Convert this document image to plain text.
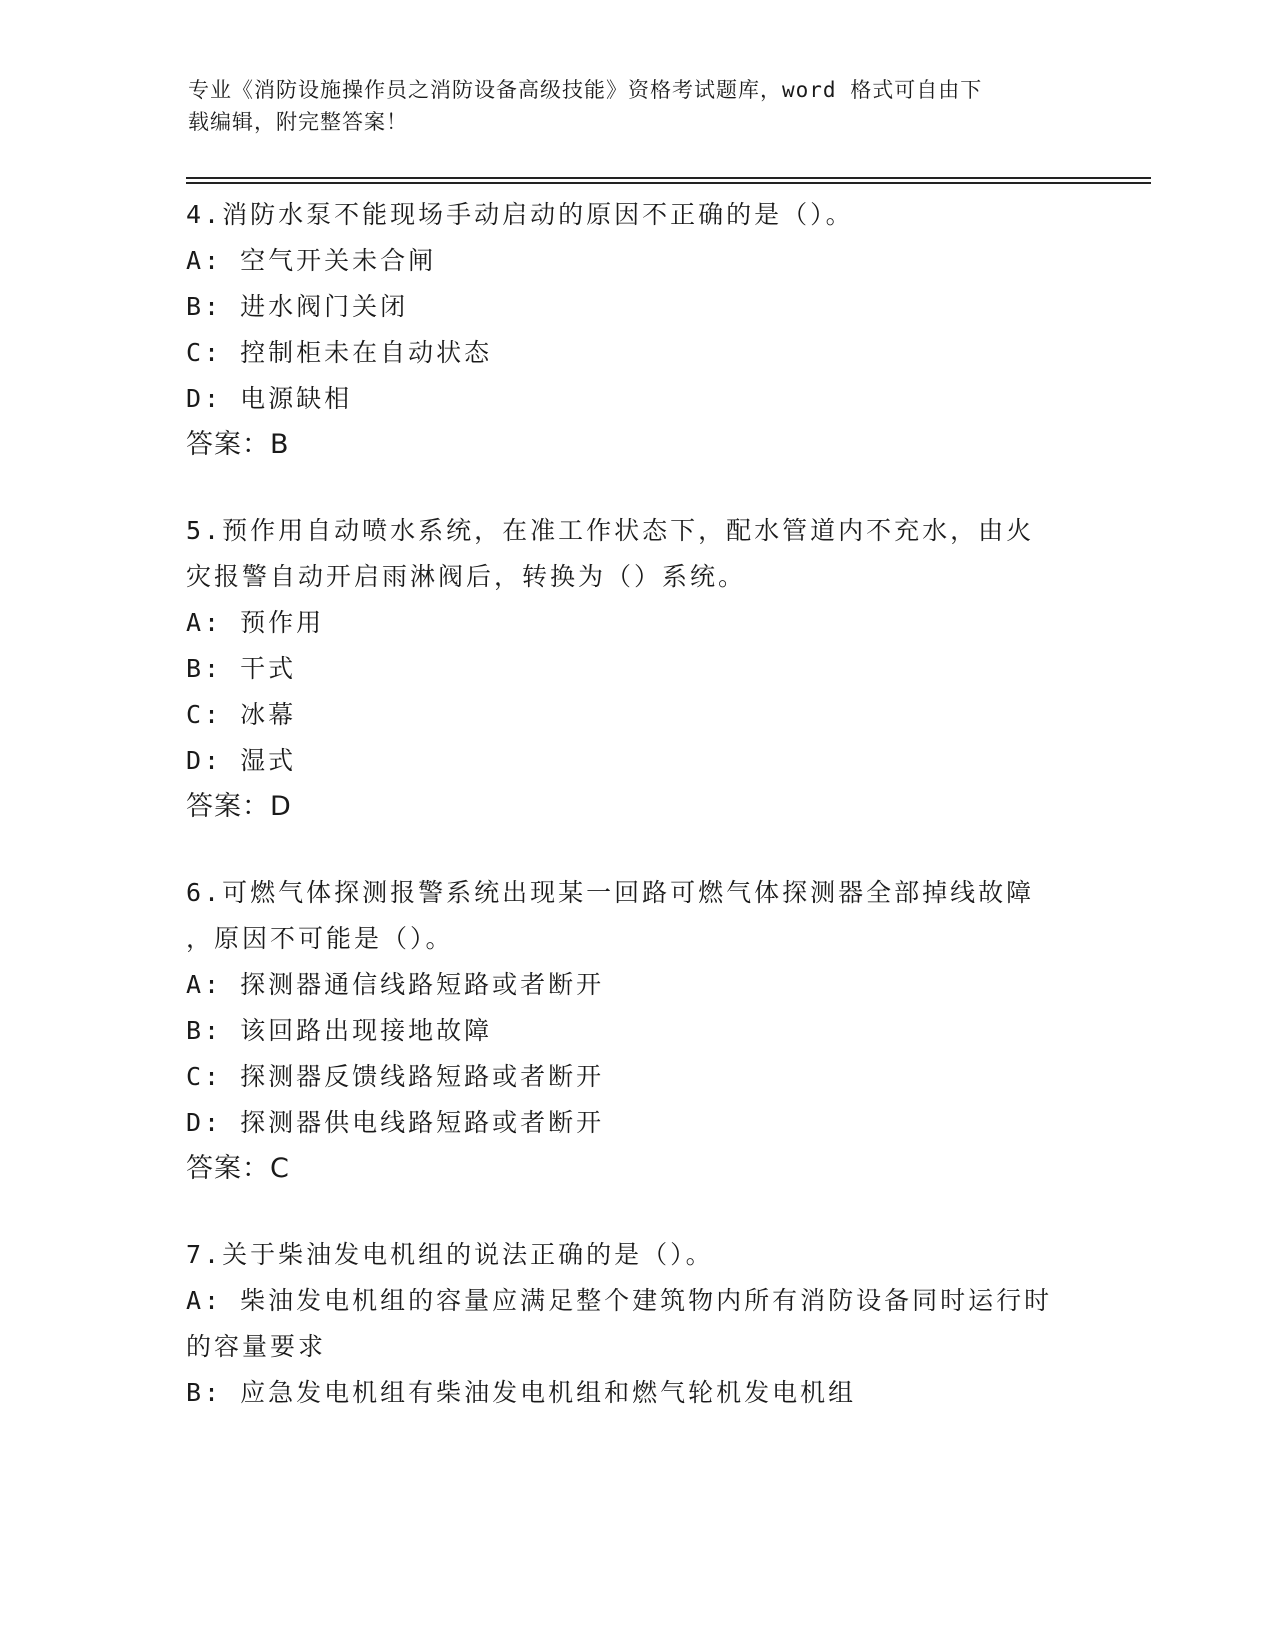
专业《消防设施操作员之消防设备高级技能》资格考试题库，word 格式可自由下
载编辑，附完整答案！
4.消防水泵不能现场手动启动的原因不正确的是（）。
A: 空气开关未合闸
B: 进水阀门关闭
C: 控制柜未在自动状态
D: 电源缺相
答案：B
5.预作用自动喷水系统，在准工作状态下，配水管道内不充水，由火
灾报警自动开启雨淋阀后，转换为（）系统。
A: 预作用
B: 干式
C: 冰幕
D: 湿式
答案：D
6.可燃气体探测报警系统出现某一回路可燃气体探测器全部掉线故障
，原因不可能是（）。
A: 探测器通信线路短路或者断开
B: 该回路出现接地故障
C: 探测器反馈线路短路或者断开
D: 探测器供电线路短路或者断开
答案：C
7.关于柴油发电机组的说法正确的是（）。
A: 柴油发电机组的容量应满足整个建筑物内所有消防设备同时运行时
的容量要求
B: 应急发电机组有柴油发电机组和燃气轮机发电机组
